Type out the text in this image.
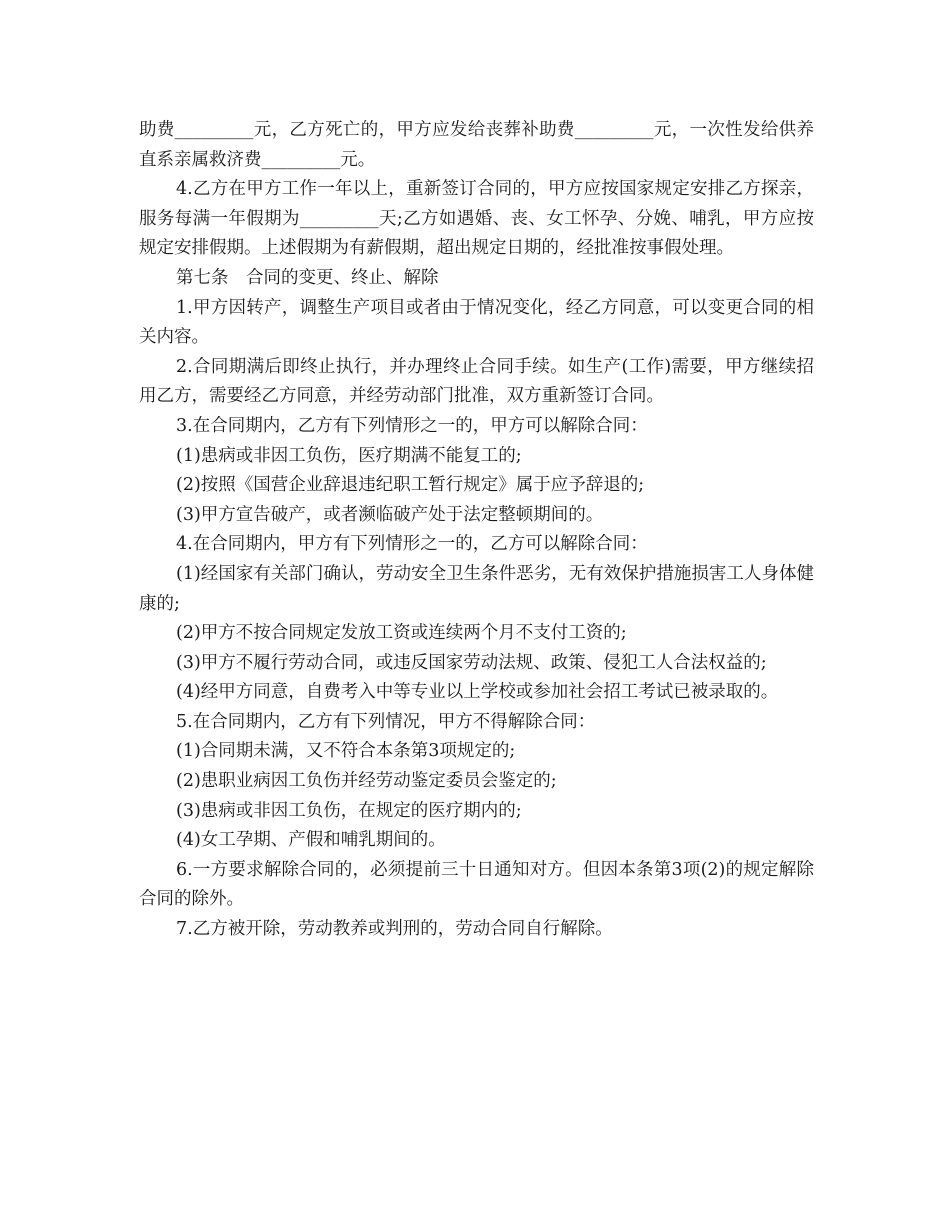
助费_________元，乙方死亡的，甲方应发给丧葬补助费_________元，一次性发给供养直系亲属救济费_________元。

4.乙方在甲方工作一年以上，重新签订合同的，甲方应按国家规定安排乙方探亲，服务每满一年假期为_________天;乙方如遇婚、丧、女工怀孕、分娩、哺乳，甲方应按规定安排假期。上述假期为有薪假期，超出规定日期的，经批准按事假处理。

第七条　合同的变更、终止、解除

1.甲方因转产，调整生产项目或者由于情况变化，经乙方同意，可以变更合同的相关内容。

2.合同期满后即终止执行，并办理终止合同手续。如生产(工作)需要，甲方继续招用乙方，需要经乙方同意，并经劳动部门批准，双方重新签订合同。

3.在合同期内，乙方有下列情形之一的，甲方可以解除合同：

(1)患病或非因工负伤，医疗期满不能复工的;

(2)按照《国营企业辞退违纪职工暂行规定》属于应予辞退的;

(3)甲方宣告破产，或者濒临破产处于法定整顿期间的。

4.在合同期内，甲方有下列情形之一的，乙方可以解除合同：

(1)经国家有关部门确认，劳动安全卫生条件恶劣，无有效保护措施损害工人身体健康的;

(2)甲方不按合同规定发放工资或连续两个月不支付工资的;

(3)甲方不履行劳动合同，或违反国家劳动法规、政策、侵犯工人合法权益的;

(4)经甲方同意，自费考入中等专业以上学校或参加社会招工考试已被录取的。

5.在合同期内，乙方有下列情况，甲方不得解除合同：

(1)合同期未满，又不符合本条第3项规定的;

(2)患职业病因工负伤并经劳动鉴定委员会鉴定的;

(3)患病或非因工负伤，在规定的医疗期内的;

(4)女工孕期、产假和哺乳期间的。

6.一方要求解除合同的，必须提前三十日通知对方。但因本条第3项(2)的规定解除合同的除外。

7.乙方被开除，劳动教养或判刑的，劳动合同自行解除。
